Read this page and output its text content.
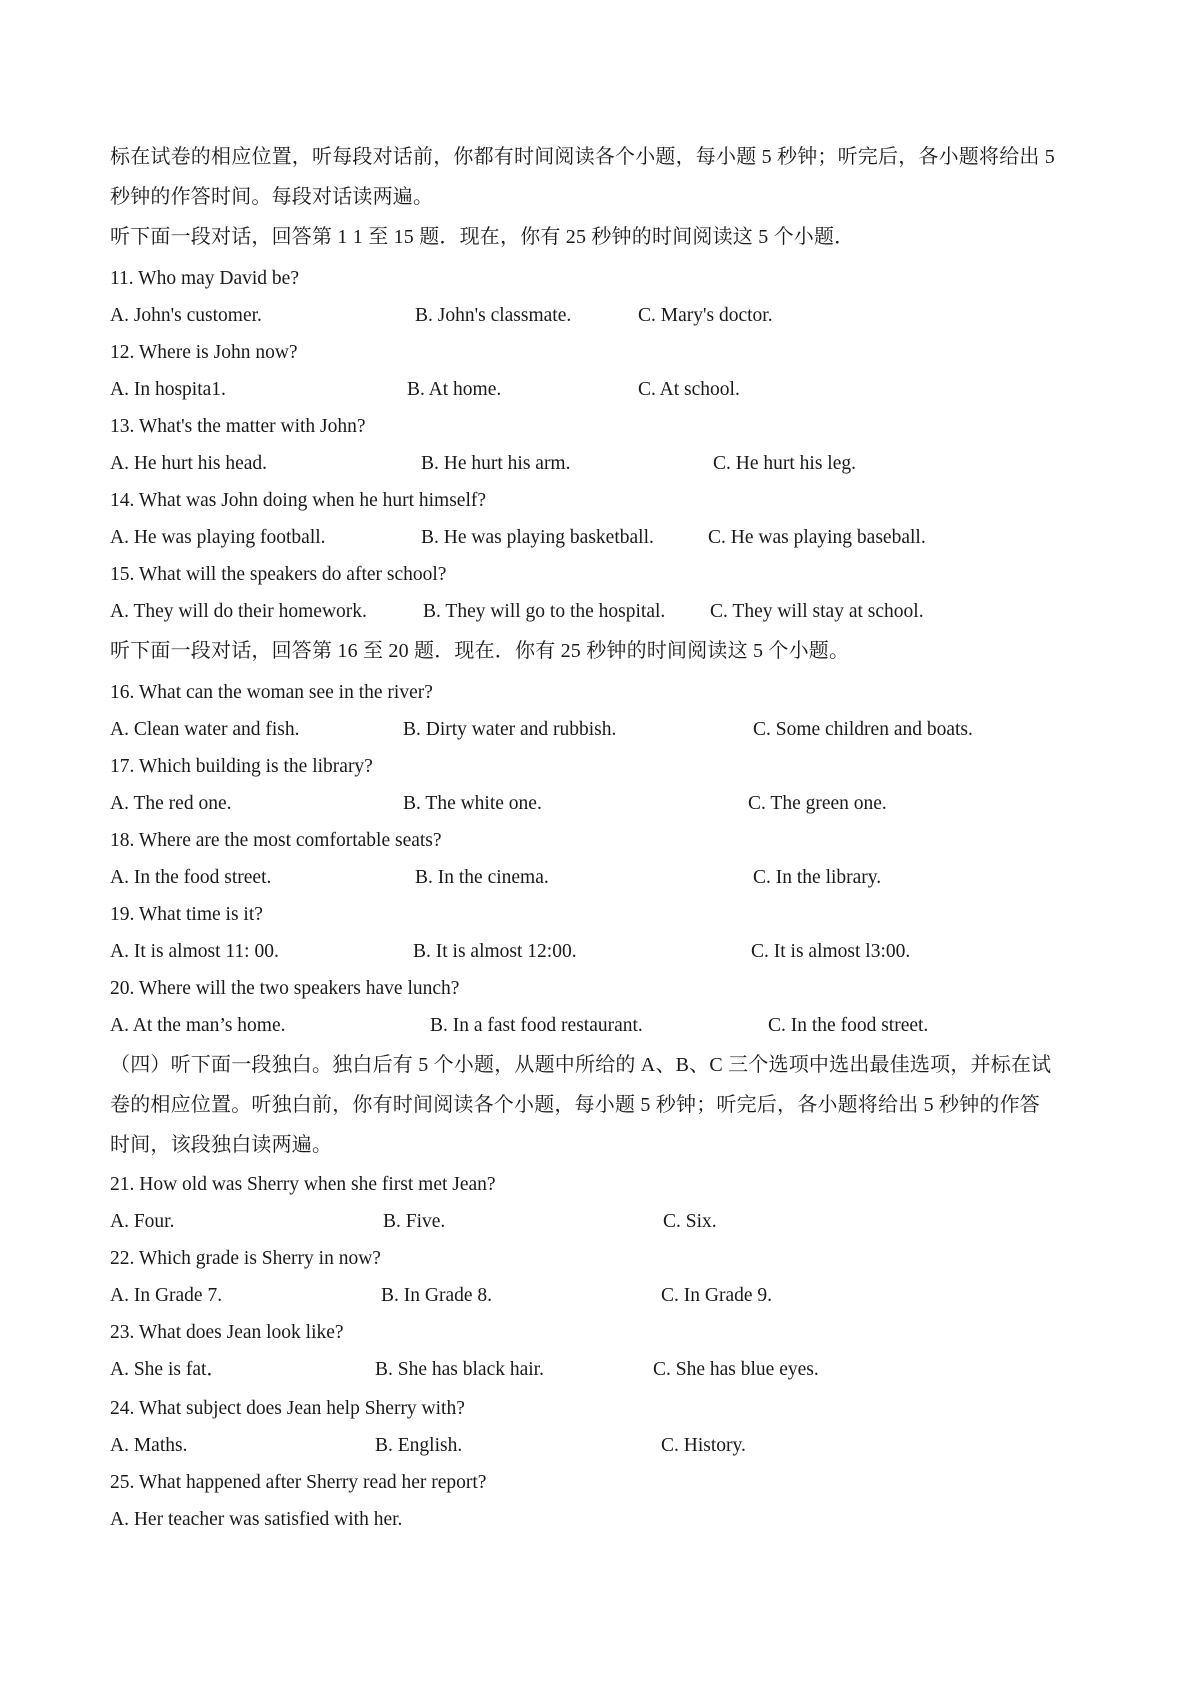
标在试卷的相应位置，听每段对话前，你都有时间阅读各个小题，每小题 5 秒钟；听完后，各小题将给出 5
秒钟的作答时间。每段对话读两遍。
听下面一段对话，回答第 1 1 至 15 题．现在，你有 25 秒钟的时间阅读这 5 个小题．
11. Who may David be?
A. John's customer.	B. John's classmate.	C. Mary's doctor.
12. Where is John now?
A. In hospita1.	B. At home.	C. At school.
13. What's the matter with John?
A. He hurt his head.	B. He hurt his arm.	C. He hurt his leg.
14. What was John doing when he hurt himself?
A. He was playing football.	B. He was playing basketball.	C. He was playing baseball.
15. What will the speakers do after school?
A. They will do their homework.	B. They will go to the hospital. C. They will stay at school.
听下面一段对话，回答第 16 至 20 题．现在．你有 25 秒钟的时间阅读这 5 个小题。
16. What can the woman see in the river?
A. Clean water and fish.	B. Dirty water and rubbish.	C. Some children and boats.
17. Which building is the library?
A. The red one.	B. The white one.	C. The green one.
18. Where are the most comfortable seats?
A. In the food street.	B. In the cinema.	C. In the library.
19. What time is it?
A. It is almost 11: 00.	B. It is almost 12:00.	C. It is almost l3:00.
20. Where will the two speakers have lunch?
A. At the man’s home.	B. In a fast food restaurant.	C. In the food street.
（四）听下面一段独白。独白后有 5 个小题，从题中所给的 A、B、C 三个选项中选出最佳选项，并标在试
卷的相应位置。听独白前，你有时间阅读各个小题，每小题 5 秒钟；听完后，各小题将给出 5 秒钟的作答
时间，该段独白读两遍。
21. How old was Sherry when she first met Jean?
A. Four.	B. Five.	C. Six.
22. Which grade is Sherry in now?
A. In Grade 7.	B. In Grade 8.	C. In Grade 9.
23. What does Jean look like?
A. She is fat．	B. She has black hair.	C. She has blue eyes.
24. What subject does Jean help Sherry with?
A. Maths.	B. English.	C. History.
25. What happened after Sherry read her report?
A. Her teacher was satisfied with her.
